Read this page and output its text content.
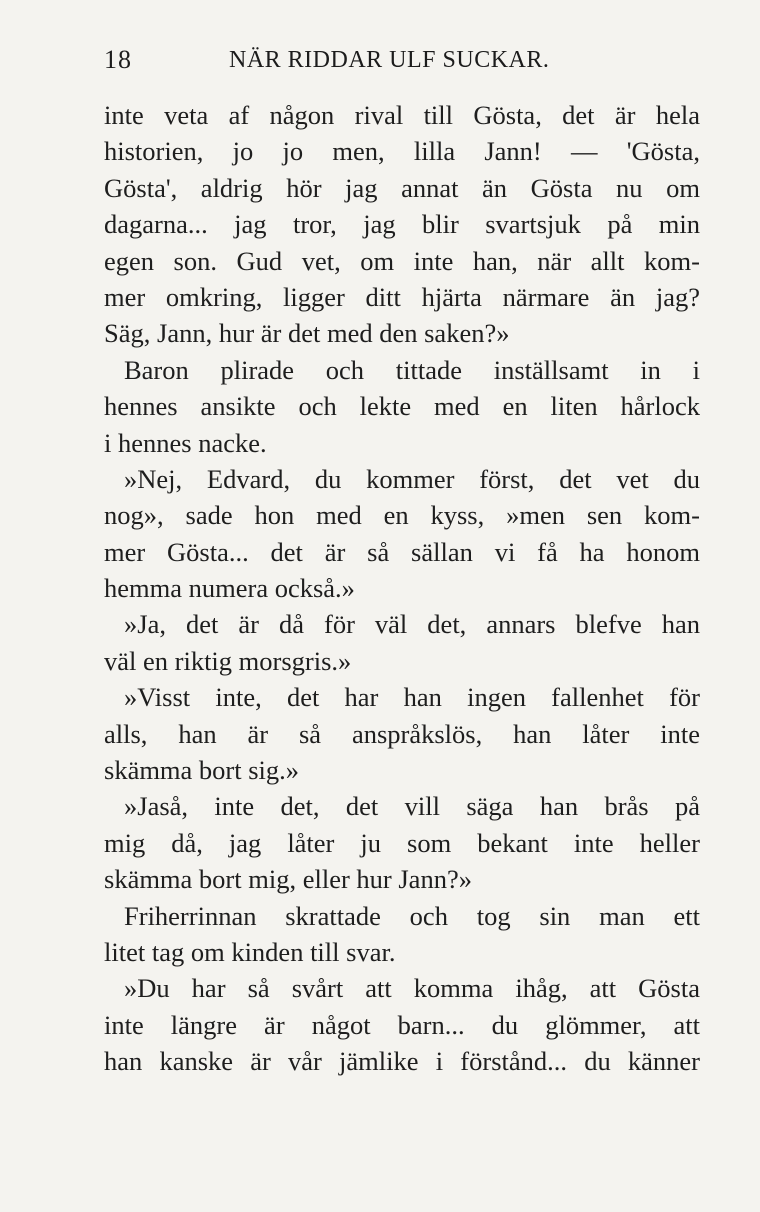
18	NÄR RIDDAR ULF SUCKAR.
inte veta af någon rival till Gösta, det är hela
historien, jo jo men, lilla Jann! — 'Gösta,
Gösta', aldrig hör jag annat än Gösta nu om
dagarna... jag tror, jag blir svartsjuk på min
egen son. Gud vet, om inte han, när allt kom-
mer omkring, ligger ditt hjärta närmare än jag?
Säg, Jann, hur är det med den saken?»
Baron plirade och tittade inställsamt in i
hennes ansikte och lekte med en liten hårlock
i hennes nacke.
»Nej, Edvard, du kommer först, det vet du
nog», sade hon med en kyss, »men sen kom-
mer Gösta... det är så sällan vi få ha honom
hemma numera också.»
»Ja, det är då för väl det, annars blefve han
väl en riktig morsgris.»
»Visst inte, det har han ingen fallenhet för
alls, han är så anspråkslös, han låter inte
skämma bort sig.»
»Jaså, inte det, det vill säga han brås på
mig då, jag låter ju som bekant inte heller
skämma bort mig, eller hur Jann?»
Friherrinnan skrattade och tog sin man ett
litet tag om kinden till svar.
»Du har så svårt att komma ihåg, att Gösta
inte längre är något barn... du glömmer, att
han kanske är vår jämlike i förstånd... du känner
